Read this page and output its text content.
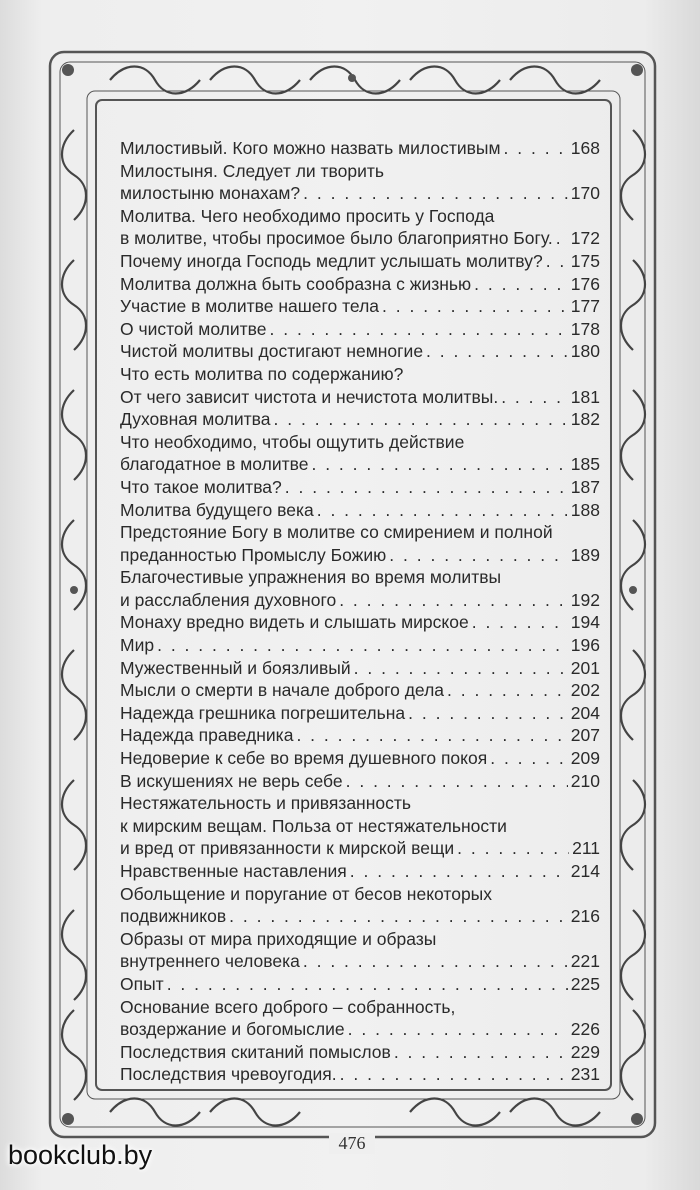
Милостивый. Кого можно назвать милостивым . . .	168
Милостыня. Следует ли творить
милостыню монахам? . . .	170
Молитва. Чего необходимо просить у Господа
в молитве, чтобы просимое было благоприятно Богу. . . . 172
Почему иногда Господь медлит услышать молитву? . . . 175
Молитва должна быть сообразна с жизнью . . .	176
Участие в молитве нашего тела . . .	177
О чистой молитве . . .	178
Чистой молитвы достигают немногие . . .	180
Что есть молитва по содержанию?
От чего зависит чистота и нечистота молитвы. . . .	181
Духовная молитва . . .	182
Что необходимо, чтобы ощутить действие
благодатное в молитве . . .	185
Что такое молитва? . . .	187
Молитва будущего века . . .	188
Предстояние Богу в молитве со смирением и полной
преданностью Промыслу Божию . . .	189
Благочестивые упражнения во время молитвы
и расслабления духовного . . .	192
Монаху вредно видеть и слышать мирское . . .	194
Мир . . .	196
Мужественный и боязливый . . .	201
Мысли о смерти в начале доброго дела . . .	202
Надежда грешника погрешительна . . .	204
Надежда праведника . . .	207
Недоверие к себе во время душевного покоя . . .	209
В искушениях не верь себе . . .	210
Нестяжательность и привязанность
к мирским вещам. Польза от нестяжательности
и вред от привязанности к мирской вещи . . .	211
Нравственные наставления . . .	214
Обольщение и поругание от бесов некоторых
подвижников . . .	216
Образы от мира приходящие и образы
внутреннего человека . . .	221
Опыт . . .	225
Основание всего доброго – собранность,
воздержание и богомыслие . . .	226
Последствия скитаний помыслов . . .	229
Последствия чревоугодия. . . .	231
476
bookclub.by
